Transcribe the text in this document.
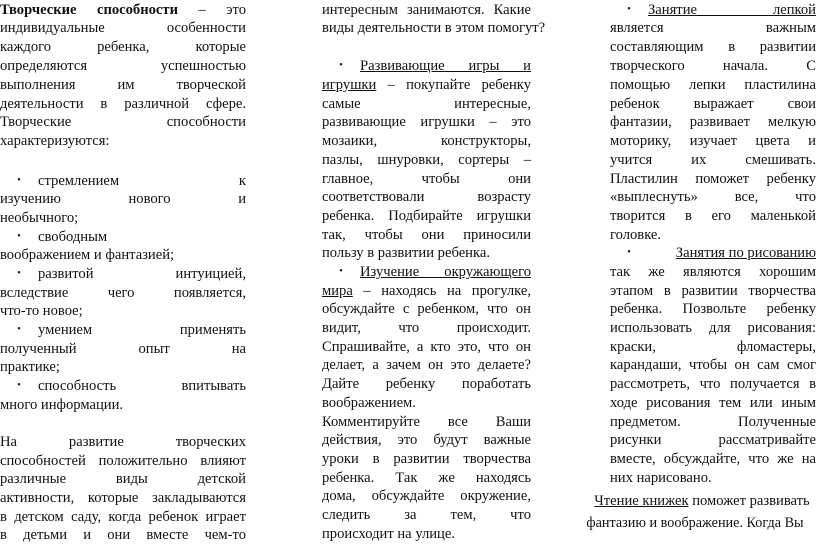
Творческие способности – это
индивидуальные особенности
каждого ребенка, которые
определяются успешностью
выполнения им творческой
деятельности в различной сфере.
Творческие способности
характеризуются:
•	стремлением к
изучению нового и
необычного;
•	свободным
воображением и фантазией;
•	развитой интуицией,
вследствие чего появляется,
что-то новое;
•	умением применять
полученный опыт на
практике;
•	способность впитывать
много информации.
На развитие творческих
способностей положительно влияют
различные виды детской
активности, которые закладываются
в детском саду, когда ребенок играет
в детьми и они вместе чем-то
интересным занимаются. Какие
виды деятельности в этом помогут?
•	Развивающие игры и
игрушки – покупайте ребенку
самые интересные,
развивающие игрушки – это
мозаики, конструкторы,
пазлы, шнуровки, сортеры –
главное, чтобы они
соответствовали возрасту
ребенка. Подбирайте игрушки
так, чтобы они приносили
пользу в развитии ребенка.
•	Изучение окружающего
мира – находясь на прогулке,
обсуждайте с ребенком, что он
видит, что происходит.
Спрашивайте, а кто это, что он
делает, а зачем он это делаете?
Дайте ребенку поработать
воображением.
Комментируйте все Ваши
действия, это будут важные
уроки в развитии творчества
ребенка. Так же находясь
дома, обсуждайте окружение,
следить за тем, что
происходит на улице.
•	Занятие лепкой
является важным
составляющим в развитии
творческого начала. С
помощью лепки пластилина
ребенок выражает свои
фантазии, развивает мелкую
моторику, изучает цвета и
учится их смешивать.
Пластилин поможет ребенку
«выплеснуть» все, что
творится в его маленькой
головке.
•	Занятия по рисованию
так же являются хорошим
этапом в развитии творчества
ребенка. Позвольте ребенку
использовать для рисования:
краски, фломастеры,
карандаши, чтобы он сам смог
рассмотреть, что получается в
ходе рисования тем или иным
предметом. Полученные
рисунки рассматривайте
вместе, обсуждайте, что же на
них нарисовано.
Чтение книжек поможет развивать
фантазию и воображение. Когда Вы
